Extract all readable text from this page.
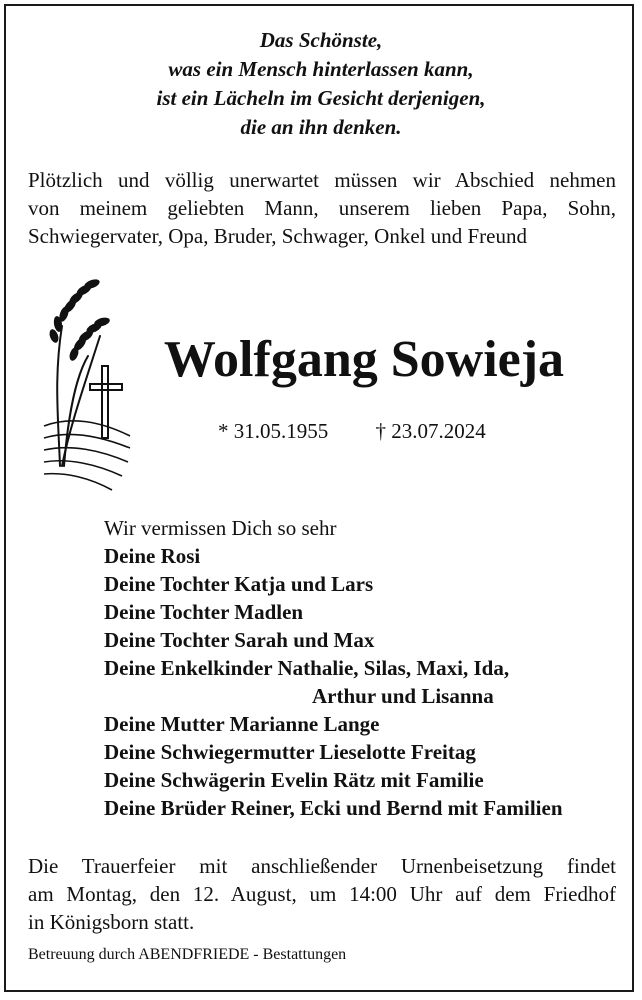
Das Schönste,
was ein Mensch hinterlassen kann,
ist ein Lächeln im Gesicht derjenigen,
die an ihn denken.
Plötzlich und völlig unerwartet müssen wir Abschied nehmen
von meinem geliebten Mann, unserem lieben Papa, Sohn,
Schwiegervater, Opa, Bruder, Schwager, Onkel und Freund
Wolfgang Sowieja
* 31.05.1955 † 23.07.2024
Wir vermissen Dich so sehr
Deine Rosi
Deine Tochter Katja und Lars
Deine Tochter Madlen
Deine Tochter Sarah und Max
Deine Enkelkinder Nathalie, Silas, Maxi, Ida,
Arthur und Lisanna
Deine Mutter Marianne Lange
Deine Schwiegermutter Lieselotte Freitag
Deine Schwägerin Evelin Rätz mit Familie
Deine Brüder Reiner, Ecki und Bernd mit Familien
Die Trauerfeier mit anschließender Urnenbeisetzung findet
am Montag, den 12. August, um 14:00 Uhr auf dem Friedhof
in Königsborn statt.
Betreuung durch ABENDFRIEDE - Bestattungen
